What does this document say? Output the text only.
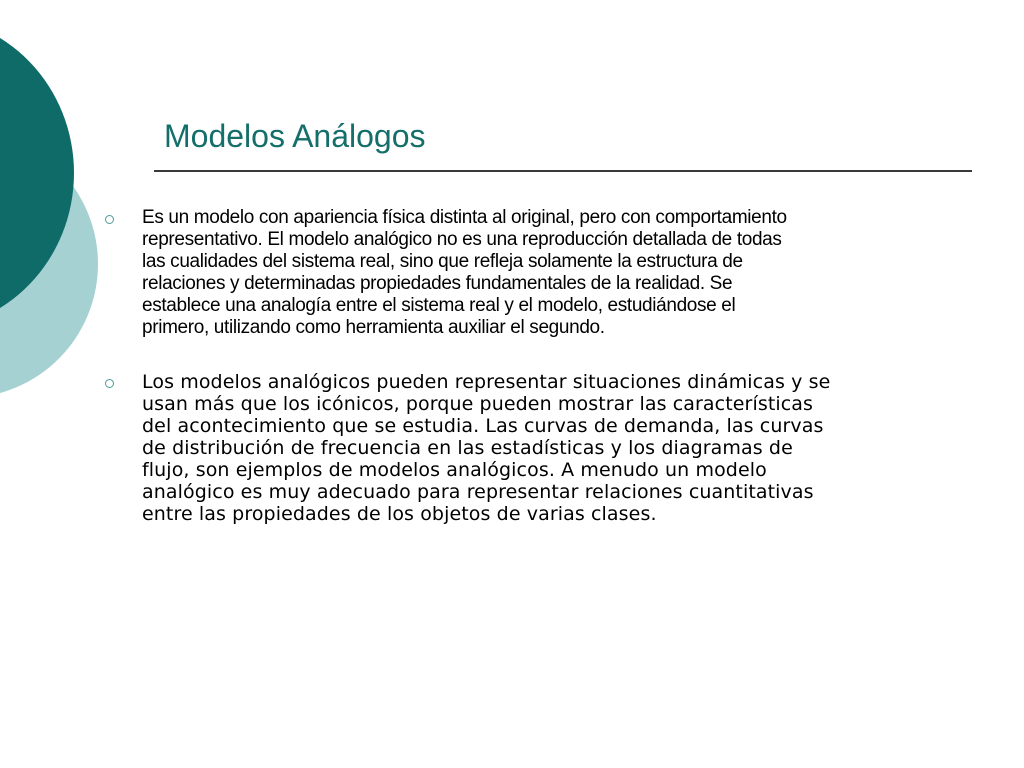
Modelos Análogos

Es un modelo con apariencia física distinta al original, pero con comportamiento
representativo. El modelo analógico no es una reproducción detallada de todas
las cualidades del sistema real, sino que refleja solamente la estructura de
relaciones y determinadas propiedades fundamentales de la realidad. Se
establece una analogía entre el sistema real y el modelo, estudiándose el
primero, utilizando como herramienta auxiliar el segundo.

Los modelos analógicos pueden representar situaciones dinámicas y se
usan más que los icónicos, porque pueden mostrar las características
del acontecimiento que se estudia. Las curvas de demanda, las curvas
de distribución de frecuencia en las estadísticas y los diagramas de
flujo, son ejemplos de modelos analógicos. A menudo un modelo
analógico es muy adecuado para representar relaciones cuantitativas
entre las propiedades de los objetos de varias clases.
